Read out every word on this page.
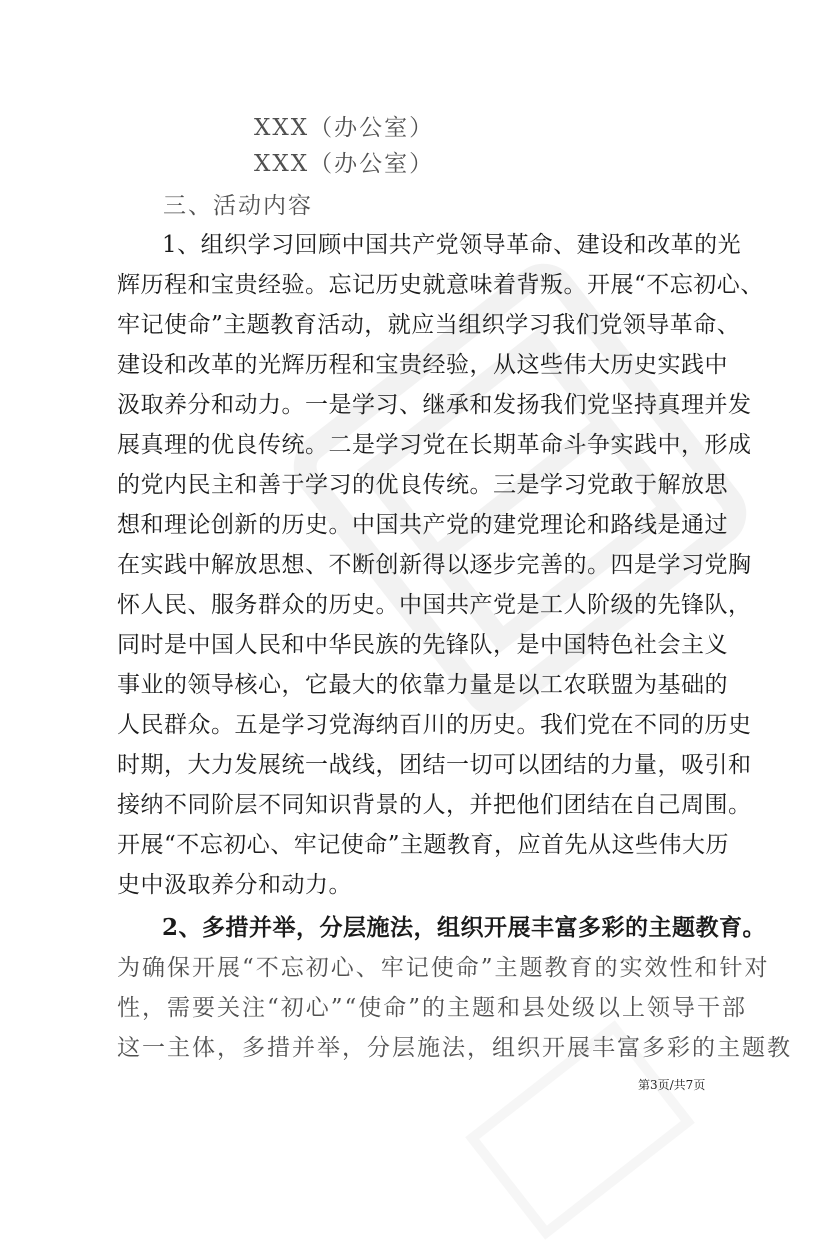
XXX（办公室）
XXX（办公室）
三、活动内容
1、组织学习回顾中国共产党领导革命、建设和改革的光
辉历程和宝贵经验。忘记历史就意味着背叛。开展“不忘初心、
牢记使命”主题教育活动，就应当组织学习我们党领导革命、
建设和改革的光辉历程和宝贵经验，从这些伟大历史实践中
汲取养分和动力。一是学习、继承和发扬我们党坚持真理并发
展真理的优良传统。二是学习党在长期革命斗争实践中，形成
的党内民主和善于学习的优良传统。三是学习党敢于解放思
想和理论创新的历史。中国共产党的建党理论和路线是通过
在实践中解放思想、不断创新得以逐步完善的。四是学习党胸
怀人民、服务群众的历史。中国共产党是工人阶级的先锋队，
同时是中国人民和中华民族的先锋队，是中国特色社会主义
事业的领导核心，它最大的依靠力量是以工农联盟为基础的
人民群众。五是学习党海纳百川的历史。我们党在不同的历史
时期，大力发展统一战线，团结一切可以团结的力量，吸引和
接纳不同阶层不同知识背景的人，并把他们团结在自己周围。
开展“不忘初心、牢记使命”主题教育，应首先从这些伟大历
史中汲取养分和动力。
2、多措并举，分层施法，组织开展丰富多彩的主题教育。
为确保开展“不忘初心、牢记使命”主题教育的实效性和针对
性，需要关注“初心”“使命”的主题和县处级以上领导干部
这一主体，多措并举，分层施法，组织开展丰富多彩的主题教
第3页/共7页
